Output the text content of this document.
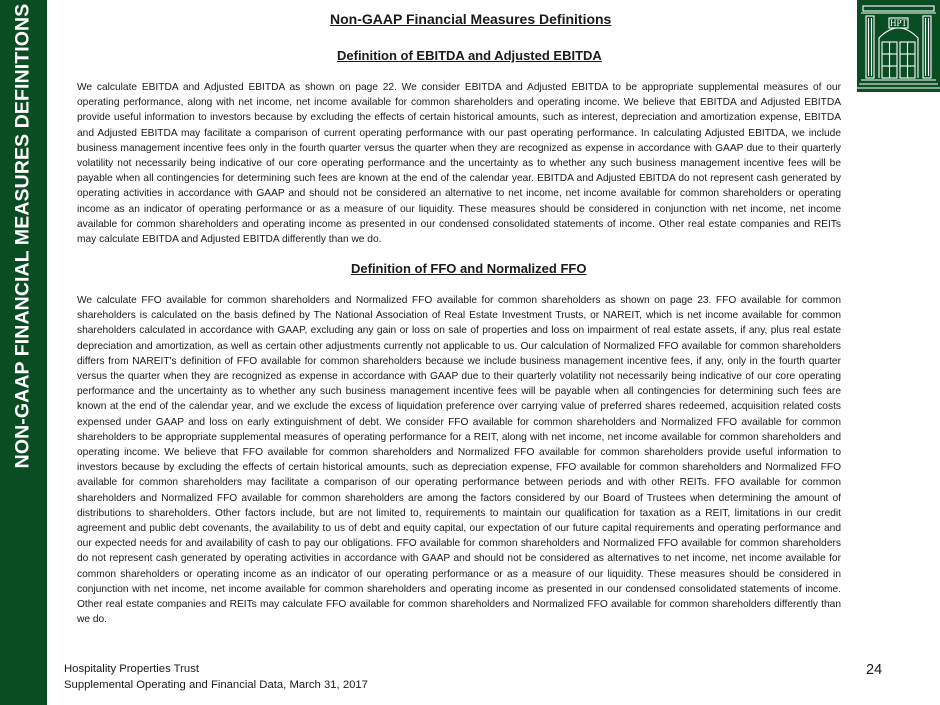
NON-GAAP FINANCIAL MEASURES DEFINITIONS	HPT
Non-GAAP Financial Measures Definitions
Definition of EBITDA and Adjusted EBITDA
We calculate EBITDA and Adjusted EBITDA as shown on page 22. We consider EBITDA and Adjusted EBITDA to be appropriate supplemental measures of our operating performance, along with net income, net income available for common shareholders and operating income. We believe that EBITDA and Adjusted EBITDA provide useful information to investors because by excluding the effects of certain historical amounts, such as interest, depreciation and amortization expense, EBITDA and Adjusted EBITDA may facilitate a comparison of current operating performance with our past operating performance. In calculating Adjusted EBITDA, we include business management incentive fees only in the fourth quarter versus the quarter when they are recognized as expense in accordance with GAAP due to their quarterly volatility not necessarily being indicative of our core operating performance and the uncertainty as to whether any such business management incentive fees will be payable when all contingencies for determining such fees are known at the end of the calendar year. EBITDA and Adjusted EBITDA do not represent cash generated by operating activities in accordance with GAAP and should not be considered an alternative to net income, net income available for common shareholders or operating income as an indicator of operating performance or as a measure of our liquidity. These measures should be considered in conjunction with net income, net income available for common shareholders and operating income as presented in our condensed consolidated statements of income. Other real estate companies and REITs may calculate EBITDA and Adjusted EBITDA differently than we do.
Definition of FFO and Normalized FFO
We calculate FFO available for common shareholders and Normalized FFO available for common shareholders as shown on page 23. FFO available for common shareholders is calculated on the basis defined by The National Association of Real Estate Investment Trusts, or NAREIT, which is net income available for common shareholders calculated in accordance with GAAP, excluding any gain or loss on sale of properties and loss on impairment of real estate assets, if any, plus real estate depreciation and amortization, as well as certain other adjustments currently not applicable to us. Our calculation of Normalized FFO available for common shareholders differs from NAREIT's definition of FFO available for common shareholders because we include business management incentive fees, if any, only in the fourth quarter versus the quarter when they are recognized as expense in accordance with GAAP due to their quarterly volatility not necessarily being indicative of our core operating performance and the uncertainty as to whether any such business management incentive fees will be payable when all contingencies for determining such fees are known at the end of the calendar year, and we exclude the excess of liquidation preference over carrying value of preferred shares redeemed, acquisition related costs expensed under GAAP and loss on early extinguishment of debt. We consider FFO available for common shareholders and Normalized FFO available for common shareholders to be appropriate supplemental measures of operating performance for a REIT, along with net income, net income available for common shareholders and operating income. We believe that FFO available for common shareholders and Normalized FFO available for common shareholders provide useful information to investors because by excluding the effects of certain historical amounts, such as depreciation expense, FFO available for common shareholders and Normalized FFO available for common shareholders may facilitate a comparison of our operating performance between periods and with other REITs. FFO available for common shareholders and Normalized FFO available for common shareholders are among the factors considered by our Board of Trustees when determining the amount of distributions to shareholders. Other factors include, but are not limited to, requirements to maintain our qualification for taxation as a REIT, limitations in our credit agreement and public debt covenants, the availability to us of debt and equity capital, our expectation of our future capital requirements and operating performance and our expected needs for and availability of cash to pay our obligations. FFO available for common shareholders and Normalized FFO available for common shareholders do not represent cash generated by operating activities in accordance with GAAP and should not be considered as alternatives to net income, net income available for common shareholders or operating income as an indicator of our operating performance or as a measure of our liquidity. These measures should be considered in conjunction with net income, net income available for common shareholders and operating income as presented in our condensed consolidated statements of income. Other real estate companies and REITs may calculate FFO available for common shareholders and Normalized FFO available for common shareholders differently than we do.
Hospitality Properties Trust
Supplemental Operating and Financial Data, March 31, 2017
24
